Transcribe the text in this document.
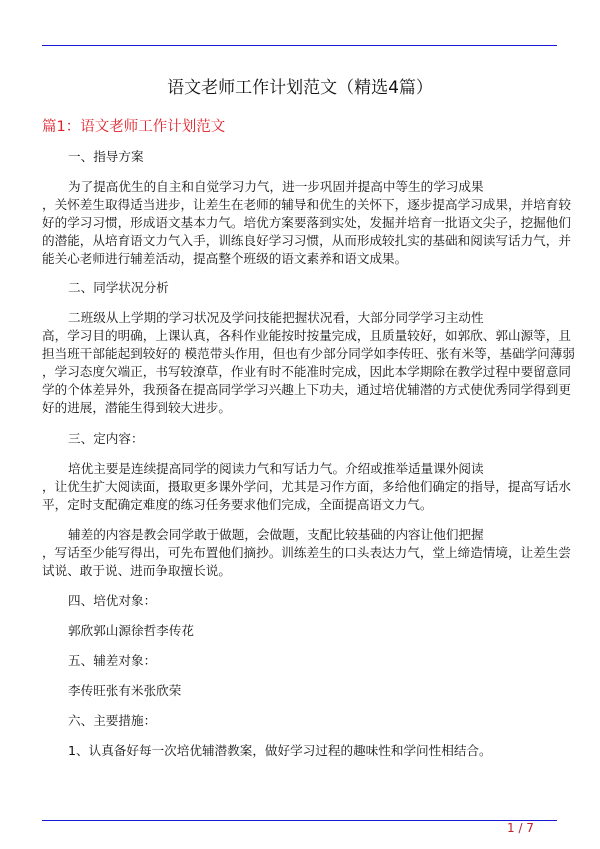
语文老师工作计划范文（精选4篇）
篇1：语文老师工作计划范文
一、指导方案
为了提高优生的自主和自觉学习力气，进一步巩固并提高中等生的学习成果
，关怀差生取得适当进步，让差生在老师的辅导和优生的关怀下，逐步提高学习成果，并培育较
好的学习习惯，形成语文基本力气。培优方案要落到实处，发掘并培育一批语文尖子，挖掘他们
的潜能，从培育语文力气入手，训练良好学习习惯，从而形成较扎实的基础和阅读写话力气，并
能关心老师进行辅差活动，提高整个班级的语文素养和语文成果。
二、同学状况分析
二班级从上学期的学习状况及学问技能把握状况看，大部分同学学习主动性
高，学习目的明确，上课认真，各科作业能按时按量完成，且质量较好，如郭欣、郭山源等，且
担当班干部能起到较好的 模范带头作用，但也有少部分同学如李传旺、张有米等，基础学问薄弱
，学习态度欠端正，书写较潦草，作业有时不能准时完成，因此本学期除在教学过程中要留意同
学的个体差异外，我预备在提高同学学习兴趣上下功夫，通过培优辅潜的方式使优秀同学得到更
好的进展，潜能生得到较大进步。
三、定内容：
培优主要是连续提高同学的阅读力气和写话力气。介绍或推举适量课外阅读
，让优生扩大阅读面，摄取更多课外学问，尤其是习作方面，多给他们确定的指导，提高写话水
平，定时支配确定难度的练习任务要求他们完成，全面提高语文力气。
辅差的内容是教会同学敢于做题，会做题，支配比较基础的内容让他们把握
，写话至少能写得出，可先布置他们摘抄。训练差生的口头表达力气，堂上缔造情境，让差生尝
试说、敢于说、进而争取擅长说。
四、培优对象：
郭欣郭山源徐哲李传花
五、辅差对象：
李传旺张有米张欣荣
六、主要措施：
1、认真备好每一次培优辅潜教案，做好学习过程的趣味性和学问性相结合。
1 / 7
